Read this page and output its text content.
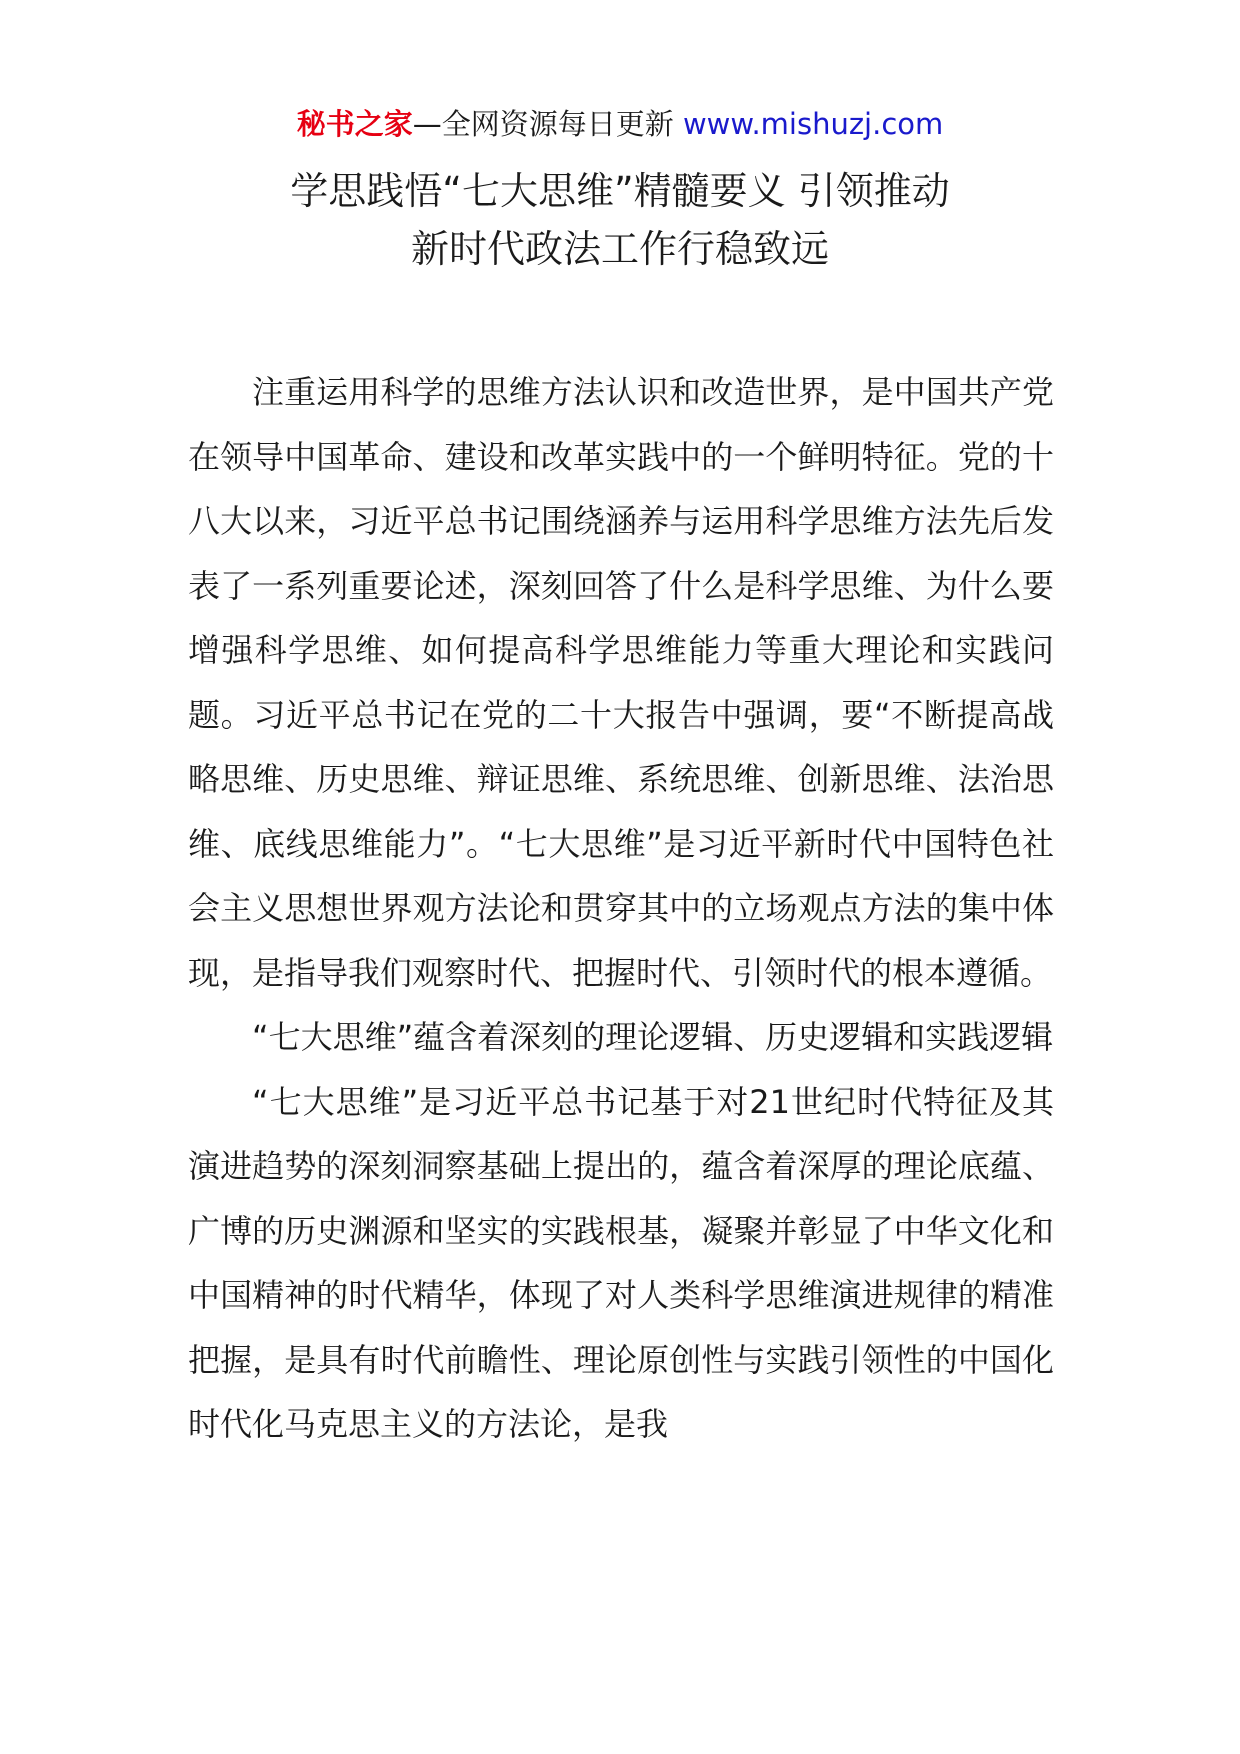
秘书之家—全网资源每日更新 www.mishuzj.com
学思践悟“七大思维”精髓要义 引领推动
新时代政法工作行稳致远

注重运用科学的思维方法认识和改造世界，是中国共产党在领导中国革命、建设和改革实践中的一个鲜明特征。党的十八大以来，习近平总书记围绕涵养与运用科学思维方法先后发表了一系列重要论述，深刻回答了什么是科学思维、为什么要增强科学思维、如何提高科学思维能力等重大理论和实践问题。习近平总书记在党的二十大报告中强调，要“不断提高战略思维、历史思维、辩证思维、系统思维、创新思维、法治思维、底线思维能力”。“七大思维”是习近平新时代中国特色社会主义思想世界观方法论和贯穿其中的立场观点方法的集中体现，是指导我们观察时代、把握时代、引领时代的根本遵循。

“七大思维”蕴含着深刻的理论逻辑、历史逻辑和实践逻辑

“七大思维”是习近平总书记基于对21世纪时代特征及其演进趋势的深刻洞察基础上提出的，蕴含着深厚的理论底蕴、广博的历史渊源和坚实的实践根基，凝聚并彰显了中华文化和中国精神的时代精华，体现了对人类科学思维演进规律的精准把握，是具有时代前瞻性、理论原创性与实践引领性的中国化时代化马克思主义的方法论，是我
